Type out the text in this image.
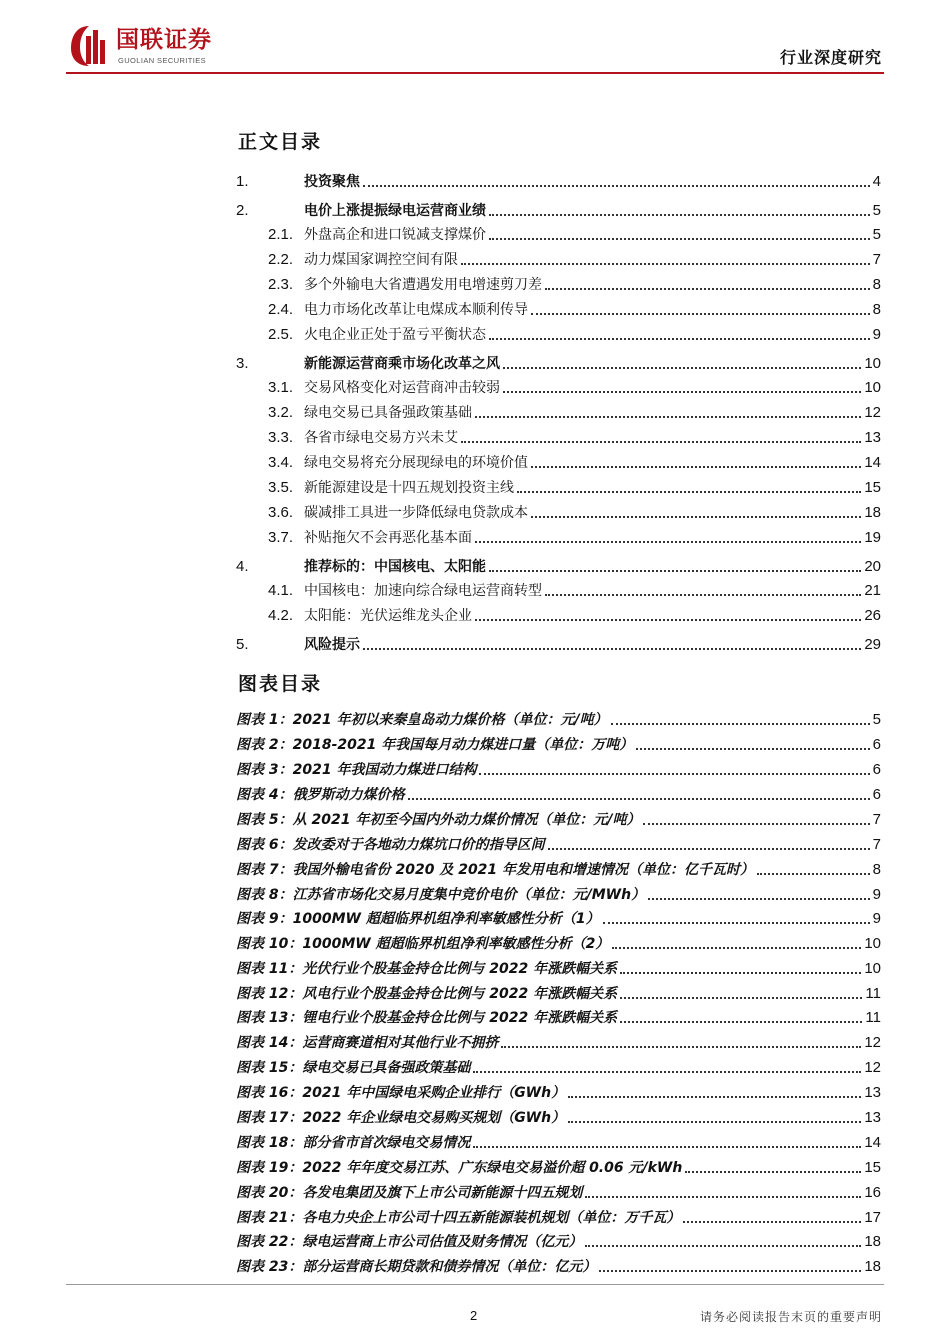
国联证券
GUOLIAN SECURITIES	行业深度研究
正文目录
1.	投资聚焦	4
2.	电价上涨提振绿电运营商业绩	5
2.1. 外盘高企和进口锐减支撑煤价	5
2.2. 动力煤国家调控空间有限	7
2.3. 多个外输电大省遭遇发用电增速剪刀差	8
2.4. 电力市场化改革让电煤成本顺利传导	8
2.5. 火电企业正处于盈亏平衡状态	9
3.	新能源运营商乘市场化改革之风	10
3.1. 交易风格变化对运营商冲击较弱	10
3.2. 绿电交易已具备强政策基础	12
3.3. 各省市绿电交易方兴未艾	13
3.4. 绿电交易将充分展现绿电的环境价值	14
3.5. 新能源建设是十四五规划投资主线	15
3.6. 碳减排工具进一步降低绿电贷款成本	18
3.7. 补贴拖欠不会再恶化基本面	19
4.	推荐标的：中国核电、太阳能	20
4.1. 中国核电：加速向综合绿电运营商转型	21
4.2. 太阳能：光伏运维龙头企业	26
5.	风险提示	29
图表目录
图表 1：2021 年初以来秦皇岛动力煤价格（单位：元/吨）	5
图表 2：2018-2021 年我国每月动力煤进口量（单位：万吨）	6
图表 3：2021 年我国动力煤进口结构	6
图表 4：俄罗斯动力煤价格	6
图表 5：从 2021 年初至今国内外动力煤价情况（单位：元/吨）	7
图表 6：发改委对于各地动力煤坑口价的指导区间	7
图表 7：我国外输电省份 2020 及 2021 年发用电和增速情况（单位：亿千瓦时）	8
图表 8：江苏省市场化交易月度集中竞价电价（单位：元/MWh）	9
图表 9：1000MW 超超临界机组净利率敏感性分析（1）	9
图表 10：1000MW 超超临界机组净利率敏感性分析（2）	10
图表 11：光伏行业个股基金持仓比例与 2022 年涨跌幅关系	10
图表 12：风电行业个股基金持仓比例与 2022 年涨跌幅关系	11
图表 13：锂电行业个股基金持仓比例与 2022 年涨跌幅关系	11
图表 14：运营商赛道相对其他行业不拥挤	12
图表 15：绿电交易已具备强政策基础	12
图表 16：2021 年中国绿电采购企业排行（GWh）	13
图表 17：2022 年企业绿电交易购买规划（GWh）	13
图表 18：部分省市首次绿电交易情况	14
图表 19：2022 年年度交易江苏、广东绿电交易溢价超 0.06 元/kWh	15
图表 20：各发电集团及旗下上市公司新能源十四五规划	16
图表 21：各电力央企上市公司十四五新能源装机规划（单位：万千瓦）	17
图表 22：绿电运营商上市公司估值及财务情况（亿元）	18
图表 23：部分运营商长期贷款和债券情况（单位：亿元）	18
2	请务必阅读报告末页的重要声明
